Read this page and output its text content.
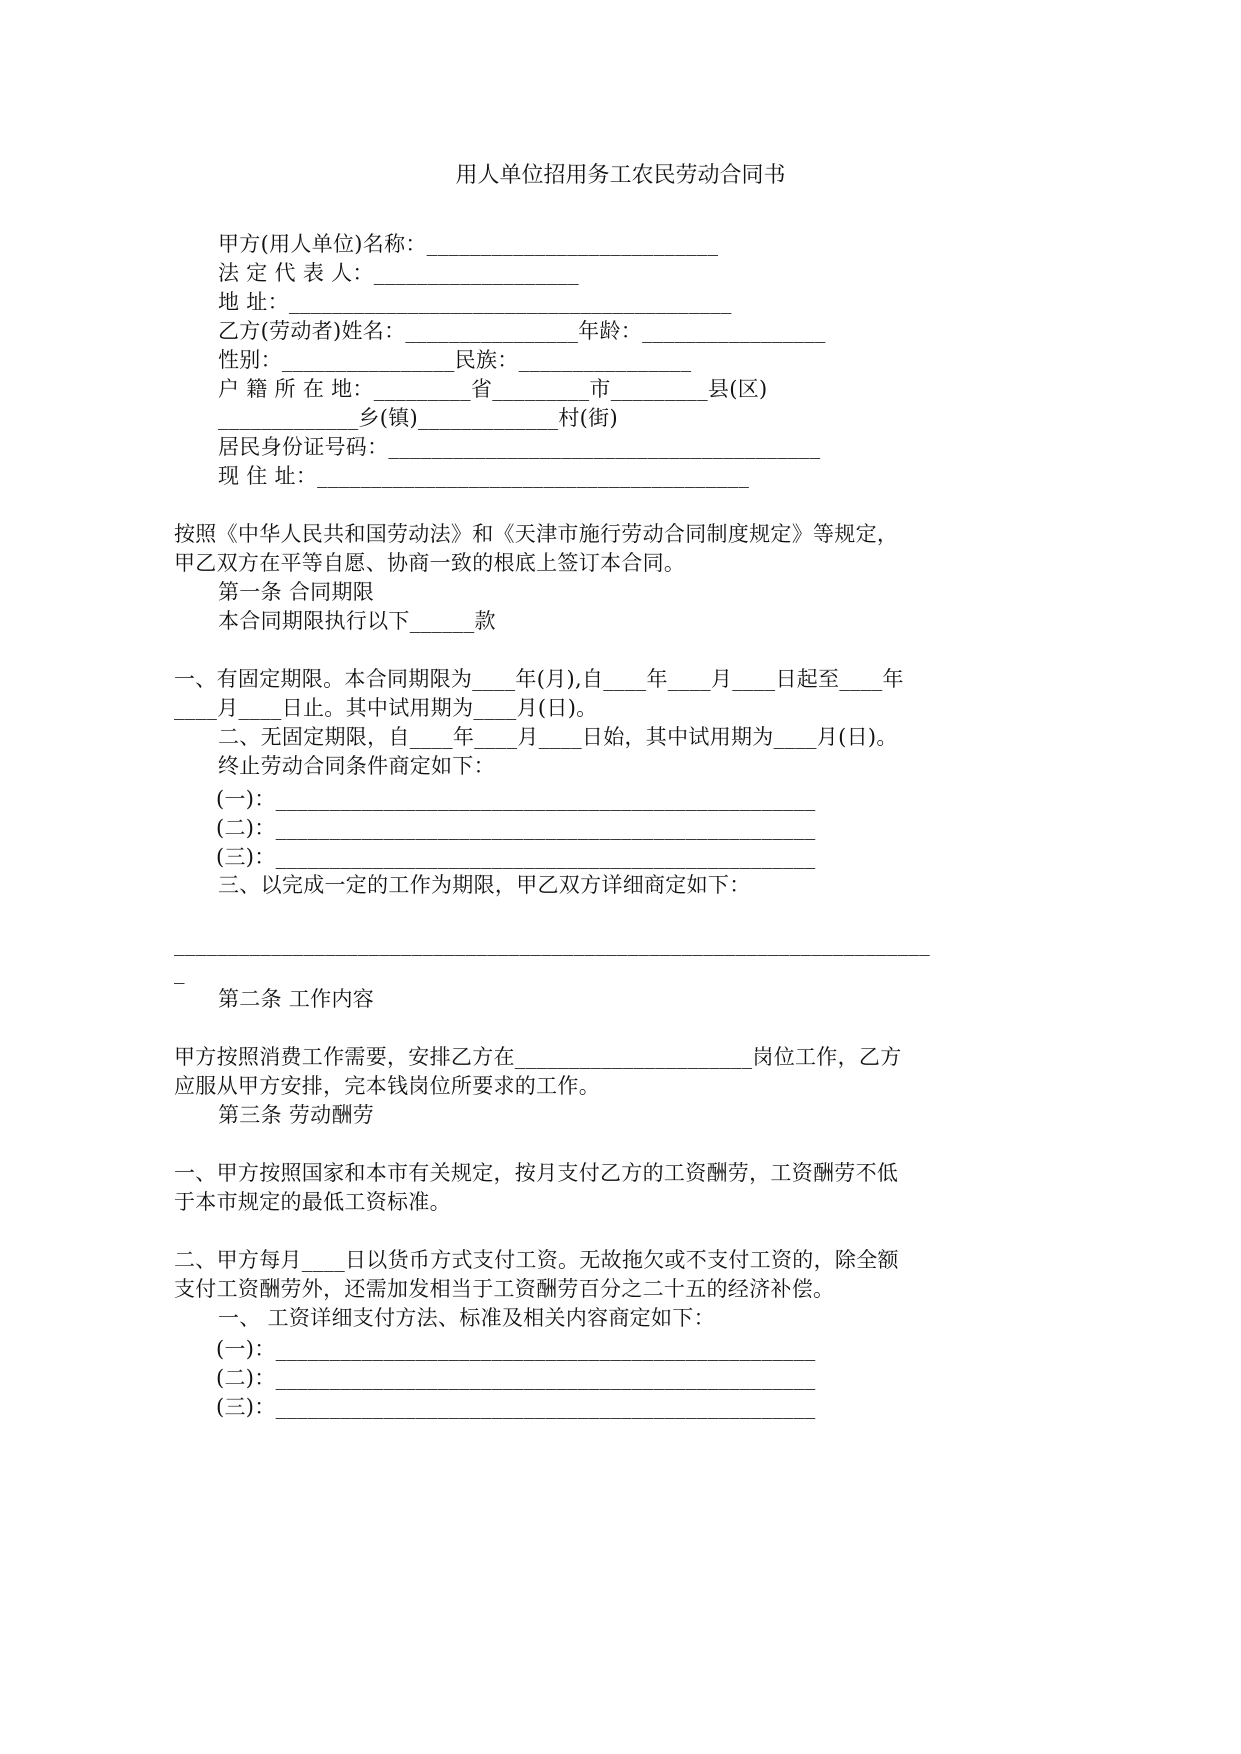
用人单位招用务工农民劳动合同书
甲方(用人单位)名称：___________________________
法 定 代 表 人：___________________
地 址：_________________________________________
乙方(劳动者)姓名：________________年龄：_________________
性别：________________民族：________________
户 籍 所 在 地：_________省_________市_________县(区)
_____________乡(镇)_____________村(街)
居民身份证号码：________________________________________
现 住 址：________________________________________
按照《中华人民共和国劳动法》和《天津市施行劳动合同制度规定》等规定，
甲乙双方在平等自愿、协商一致的根底上签订本合同。
第一条 合同期限
本合同期限执行以下______款
一、有固定期限。本合同期限为____年(月),自____年____月____日起至____年
____月____日止。其中试用期为____月(日)。
二、无固定期限，自____年____月____日始，其中试用期为____月(日)。
终止劳动合同条件商定如下：
(一)：__________________________________________________
(二)：__________________________________________________
(三)：__________________________________________________
三、以完成一定的工作为期限，甲乙双方详细商定如下：
______________________________________________________________________
_
第二条 工作内容
甲方按照消费工作需要，安排乙方在______________________岗位工作，乙方
应服从甲方安排，完本钱岗位所要求的工作。
第三条 劳动酬劳
一、甲方按照国家和本市有关规定，按月支付乙方的工资酬劳，工资酬劳不低
于本市规定的最低工资标准。
二、甲方每月____日以货币方式支付工资。无故拖欠或不支付工资的，除全额
支付工资酬劳外，还需加发相当于工资酬劳百分之二十五的经济补偿。
一、 工资详细支付方法、标准及相关内容商定如下：
(一)：__________________________________________________
(二)：__________________________________________________
(三)：__________________________________________________
